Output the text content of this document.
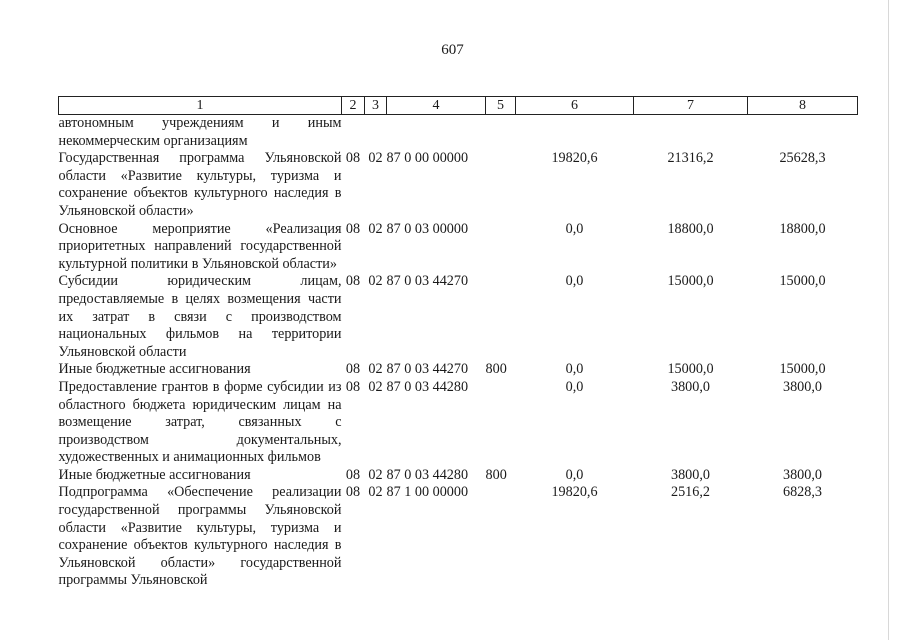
607
1	2	3	4	5	6	7	8

автономным учреждениям и иным некоммерческим организациям							

Государственная программа Ульяновской области «Развитие культуры, туризма и сохранение объектов культурного наследия в Ульяновской области»	08	02	87 0 00 00000		19820,6	21316,2	25628,3

Основное мероприятие «Реализация приоритетных направлений государственной культурной политики в Ульяновской области»	08	02	87 0 03 00000		0,0	18800,0	18800,0

Субсидии юридическим лицам, предоставляемые в целях возмещения части их затрат в связи с производством национальных фильмов на территории Ульяновской области	08	02	87 0 03 44270		0,0	15000,0	15000,0

Иные бюджетные ассигнования	08	02	87 0 03 44270	800	0,0	15000,0	15000,0

Предоставление грантов в форме субсидии из областного бюджета юридическим лицам на возмещение затрат, связанных с производством документальных, художественных и анимационных фильмов	08	02	87 0 03 44280		0,0	3800,0	3800,0

Иные бюджетные ассигнования	08	02	87 0 03 44280	800	0,0	3800,0	3800,0

Подпрограмма «Обеспечение реализации государственной программы Ульяновской области «Развитие культуры, туризма и сохранение объектов культурного наследия в Ульяновской области» государственной программы Ульяновской	08	02	87 1 00 00000		19820,6	2516,2	6828,3
